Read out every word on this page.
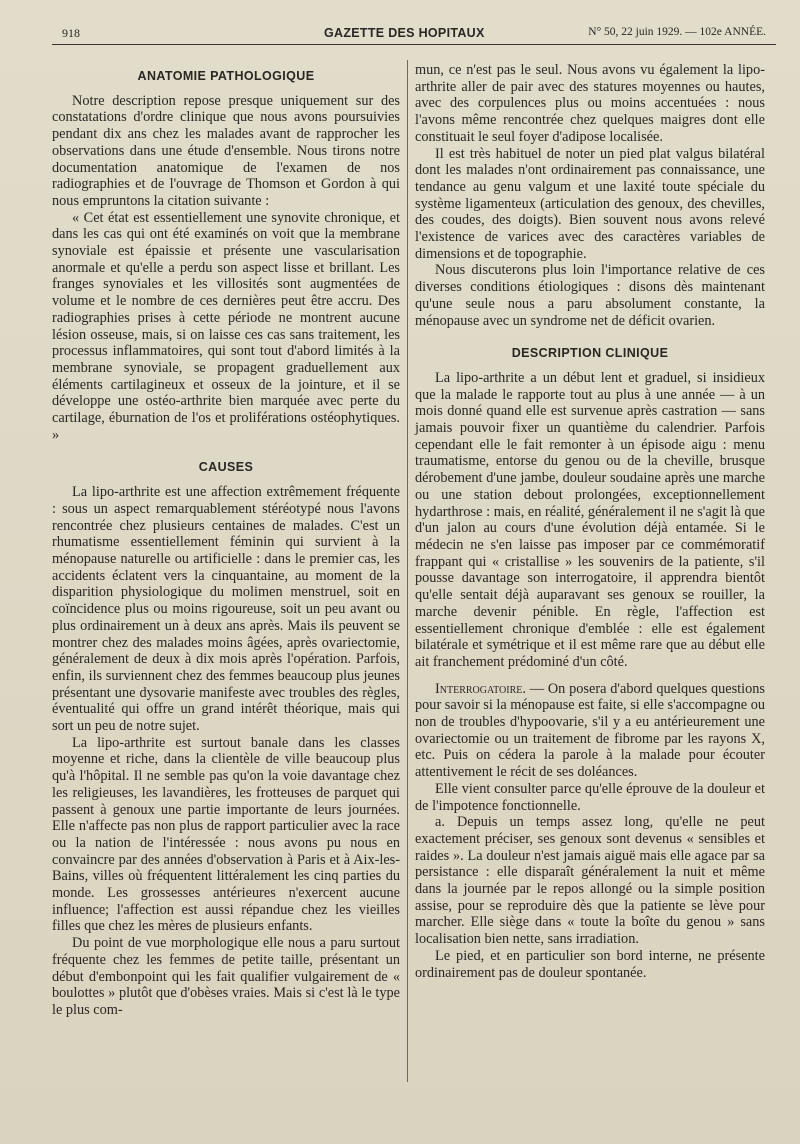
918	GAZETTE DES HOPITAUX	N° 50, 22 juin 1929. — 102e ANNÉE.
ANATOMIE PATHOLOGIQUE

Notre description repose presque uniquement sur des constatations d'ordre clinique que nous avons poursuivies pendant dix ans chez les malades avant de rapprocher les observations dans une étude d'ensemble. Nous tirons notre documentation anatomique de l'examen de nos radiographies et de l'ouvrage de Thomson et Gordon à qui nous empruntons la citation suivante :

« Cet état est essentiellement une synovite chronique, et dans les cas qui ont été examinés on voit que la membrane synoviale est épaissie et présente une vascularisation anormale et qu'elle a perdu son aspect lisse et brillant. Les franges synoviales et les villosités sont augmentées de volume et le nombre de ces dernières peut être accru. Des radiographies prises à cette période ne montrent aucune lésion osseuse, mais, si on laisse ces cas sans traitement, les processus inflammatoires, qui sont tout d'abord limités à la membrane synoviale, se propagent graduellement aux éléments cartilagineux et osseux de la jointure, et il se développe une ostéo-arthrite bien marquée avec perte du cartilage, éburnation de l'os et proliférations ostéophytiques. »

CAUSES

La lipo-arthrite est une affection extrêmement fréquente : sous un aspect remarquablement stéréotypé nous l'avons rencontrée chez plusieurs centaines de malades. C'est un rhumatisme essentiellement féminin qui survient à la ménopause naturelle ou artificielle : dans le premier cas, les accidents éclatent vers la cinquantaine, au moment de la disparition physiologique du molimen menstruel, soit en coïncidence plus ou moins rigoureuse, soit un peu avant ou plus ordinairement un à deux ans après. Mais ils peuvent se montrer chez des malades moins âgées, après ovariectomie, généralement de deux à dix mois après l'opération. Parfois, enfin, ils surviennent chez des femmes beaucoup plus jeunes présentant une dysovarie manifeste avec troubles des règles, éventualité qui offre un grand intérêt théorique, mais qui sort un peu de notre sujet.

La lipo-arthrite est surtout banale dans les classes moyenne et riche, dans la clientèle de ville beaucoup plus qu'à l'hôpital. Il ne semble pas qu'on la voie davantage chez les religieuses, les lavandières, les frotteuses de parquet qui passent à genoux une partie importante de leurs journées. Elle n'affecte pas non plus de rapport particulier avec la race ou la nation de l'intéressée : nous avons pu nous en convaincre par des années d'observation à Paris et à Aix-les-Bains, villes où fréquentent littéralement les cinq parties du monde. Les grossesses antérieures n'exercent aucune influence; l'affection est aussi répandue chez les vieilles filles que chez les mères de plusieurs enfants.

Du point de vue morphologique elle nous a paru surtout fréquente chez les femmes de petite taille, présentant un début d'embonpoint qui les fait qualifier vulgairement de « boulottes » plutôt que d'obèses vraies. Mais si c'est là le type le plus com-

mun, ce n'est pas le seul. Nous avons vu également la lipo-arthrite aller de pair avec des statures moyennes ou hautes, avec des corpulences plus ou moins accentuées : nous l'avons même rencontrée chez quelques maigres dont elle constituait le seul foyer d'adipose localisée.

Il est très habituel de noter un pied plat valgus bilatéral dont les malades n'ont ordinairement pas connaissance, une tendance au genu valgum et une laxité toute spéciale du système ligamenteux (articulation des genoux, des chevilles, des coudes, des doigts). Bien souvent nous avons relevé l'existence de varices avec des caractères variables de dimensions et de topographie.

Nous discuterons plus loin l'importance relative de ces diverses conditions étiologiques : disons dès maintenant qu'une seule nous a paru absolument constante, la ménopause avec un syndrome net de déficit ovarien.

DESCRIPTION CLINIQUE

La lipo-arthrite a un début lent et graduel, si insidieux que la malade le rapporte tout au plus à une année — à un mois donné quand elle est survenue après castration — sans jamais pouvoir fixer un quantième du calendrier. Parfois cependant elle le fait remonter à un épisode aigu : menu traumatisme, entorse du genou ou de la cheville, brusque dérobement d'une jambe, douleur soudaine après une marche ou une station debout prolongées, exceptionnellement hydarthrose : mais, en réalité, généralement il ne s'agit là que d'un jalon au cours d'une évolution déjà entamée. Si le médecin ne s'en laisse pas imposer par ce commémoratif frappant qui « cristallise » les souvenirs de la patiente, s'il pousse davantage son interrogatoire, il apprendra bientôt qu'elle sentait déjà auparavant ses genoux se rouiller, la marche devenir pénible. En règle, l'affection est essentiellement chronique d'emblée : elle est également bilatérale et symétrique et il est même rare que au début elle ait franchement prédominé d'un côté.

Interrogatoire. — On posera d'abord quelques questions pour savoir si la ménopause est faite, si elle s'accompagne ou non de troubles d'hypoovarie, s'il y a eu antérieurement une ovariectomie ou un traitement de fibrome par les rayons X, etc. Puis on cédera la parole à la malade pour écouter attentivement le récit de ses doléances.

Elle vient consulter parce qu'elle éprouve de la douleur et de l'impotence fonctionnelle.

a. Depuis un temps assez long, qu'elle ne peut exactement préciser, ses genoux sont devenus « sensibles et raides ». La douleur n'est jamais aiguë mais elle agace par sa persistance : elle disparaît généralement la nuit et même dans la journée par le repos allongé ou la simple position assise, pour se reproduire dès que la patiente se lève pour marcher. Elle siège dans « toute la boîte du genou » sans localisation bien nette, sans irradiation.

Le pied, et en particulier son bord interne, ne présente ordinairement pas de douleur spontanée.
